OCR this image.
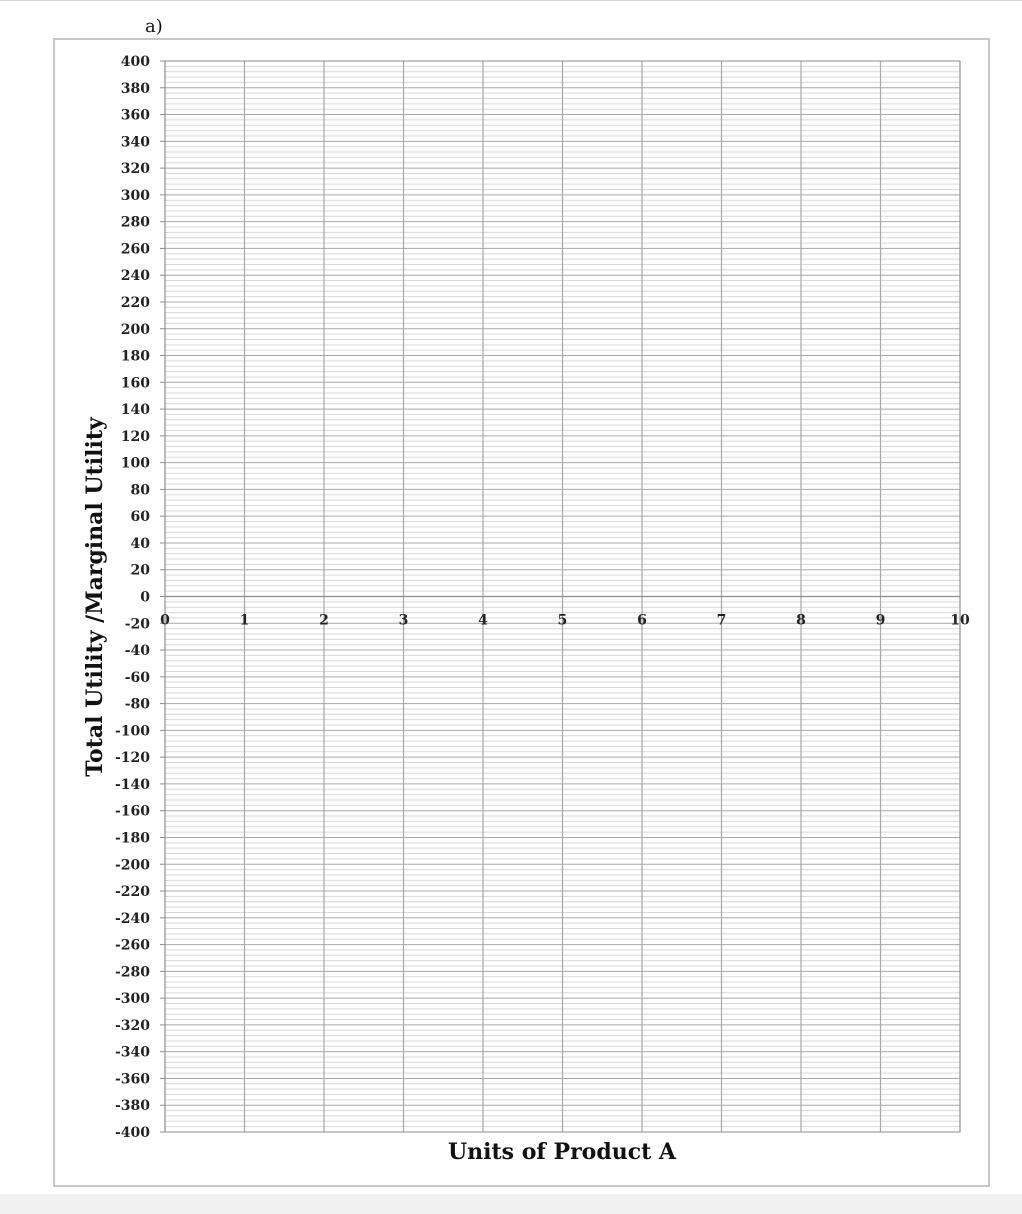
a)
400
380
360
340
320
300
280
260
240
220
200
180
160
140
120
100
80
60
40
20
0
-20
-40
-60
-80
-100
-120
-140
-160
-180
-200
-220
-240
-260
-280
-300
-320
-340
-360
-380
-400
0	1	2	3	4	5	6	7	8	9	10
Units of Product A
Total Utility /Marginal Utility
